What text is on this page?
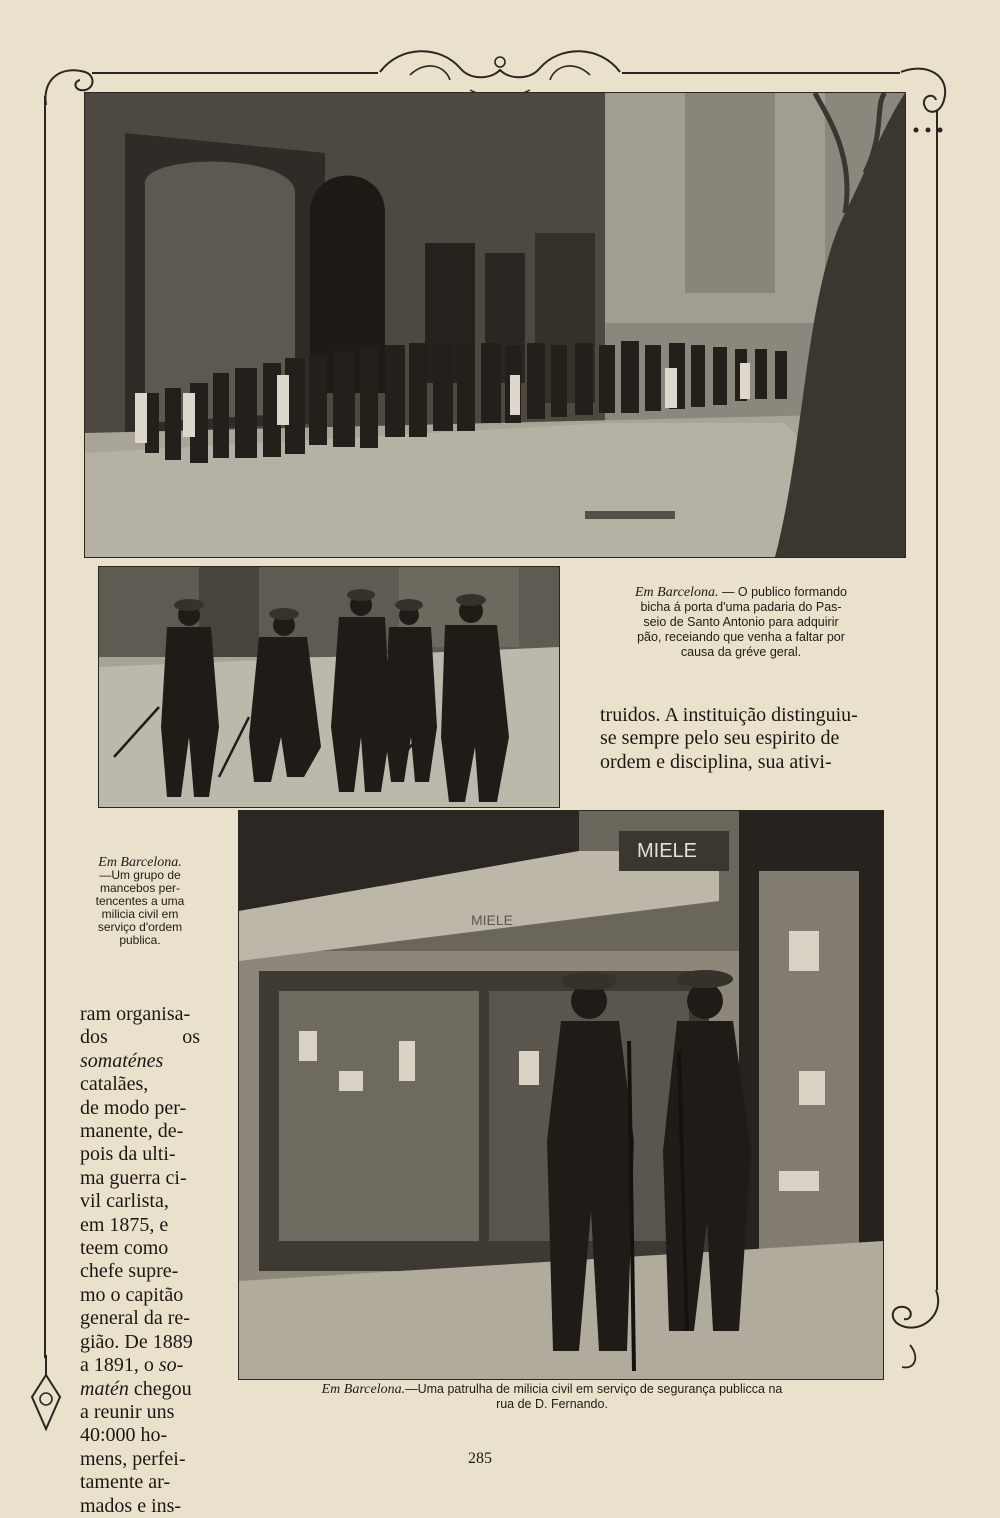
MIELE
MIELE
Em Barcelona. — O publico formando
bicha á porta d'uma padaria do Pas-
seio de Santo Antonio para adquirir
pão, receiando que venha a faltar por
causa da gréve geral.
Em Barcelona.
—Um grupo de
mancebos per-
tencentes a uma
milicia civil em
serviço d'ordem
publica.
Em Barcelona.—Uma patrulha de milicia civil em serviço de segurança publicca na
rua de D. Fernando.
truidos. A instituição distinguiu-
se sempre pelo seu espirito de
ordem e disciplina, sua ativi-
ram organisa-
dos os somaténes
catalães,
de modo per-
manente, de-
pois da ulti-
ma guerra ci-
vil carlista,
em 1875, e
teem como
chefe supre-
mo o capitão
general da re-
gião. De 1889
a 1891, o so-
matén chegou
a reunir uns
40:000 ho-
mens, perfei-
tamente ar-
mados e ins-
285
